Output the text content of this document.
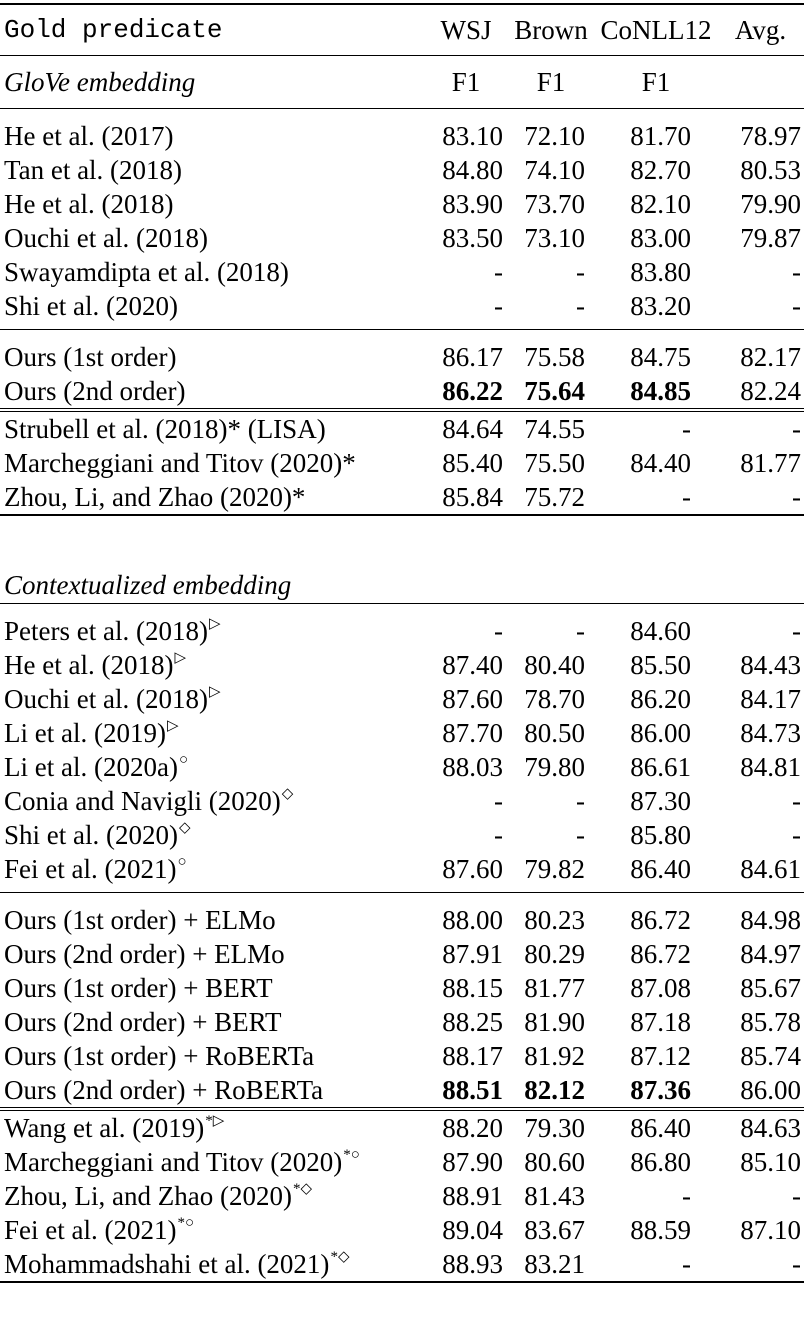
Gold predicate	WSJ	Brown	CoNLL12	Avg.
GloVe embedding	F1	F1	F1	
He et al. (2017)	83.10	72.10	81.70	78.97
Tan et al. (2018)	84.80	74.10	82.70	80.53
He et al. (2018)	83.90	73.70	82.10	79.90
Ouchi et al. (2018)	83.50	73.10	83.00	79.87
Swayamdipta et al. (2018)	-	-	83.80	-
Shi et al. (2020)	-	-	83.20	-
Ours (1st order)	86.17	75.58	84.75	82.17
Ours (2nd order)	86.22	75.64	84.85	82.24
Strubell et al. (2018)* (LISA)	84.64	74.55	-	-
Marcheggiani and Titov (2020)*	85.40	75.50	84.40	81.77
Zhou, Li, and Zhao (2020)*	85.84	75.72	-	-

Contextualized embedding				
Peters et al. (2018)▷	-	-	84.60	-
He et al. (2018)▷	87.40	80.40	85.50	84.43
Ouchi et al. (2018)▷	87.60	78.70	86.20	84.17
Li et al. (2019)▷	87.70	80.50	86.00	84.73
Li et al. (2020a)○	88.03	79.80	86.61	84.81
Conia and Navigli (2020)◇	-	-	87.30	-
Shi et al. (2020)◇	-	-	85.80	-
Fei et al. (2021)○	87.60	79.82	86.40	84.61
Ours (1st order) + ELMo	88.00	80.23	86.72	84.98
Ours (2nd order) + ELMo	87.91	80.29	86.72	84.97
Ours (1st order) + BERT	88.15	81.77	87.08	85.67
Ours (2nd order) + BERT	88.25	81.90	87.18	85.78
Ours (1st order) + RoBERTa	88.17	81.92	87.12	85.74
Ours (2nd order) + RoBERTa	88.51	82.12	87.36	86.00
Wang et al. (2019)*▷	88.20	79.30	86.40	84.63
Marcheggiani and Titov (2020)*○	87.90	80.60	86.80	85.10
Zhou, Li, and Zhao (2020)*◇	88.91	81.43	-	-
Fei et al. (2021)*○	89.04	83.67	88.59	87.10
Mohammadshahi et al. (2021)*◇	88.93	83.21	-	-
